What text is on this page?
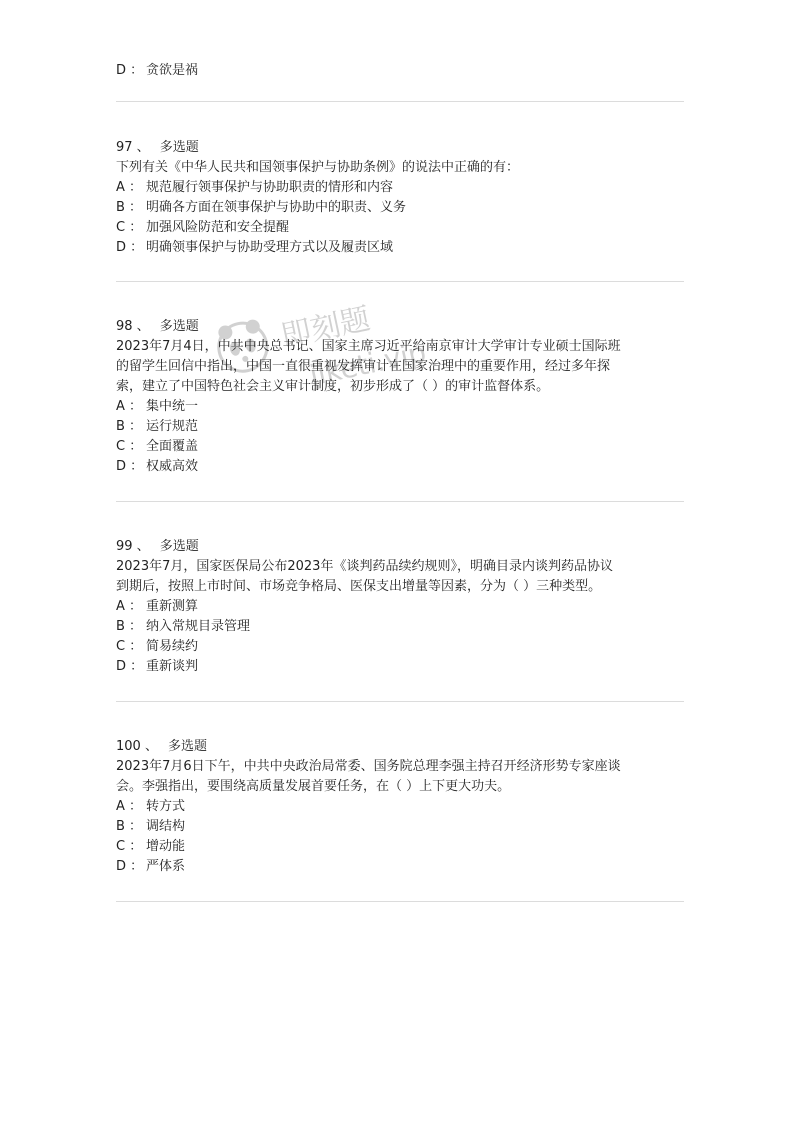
D ： 贪欲是祸
97 、 多选题
下列有关《中华人民共和国领事保护与协助条例》的说法中正确的有：
A ： 规范履行领事保护与协助职责的情形和内容
B ： 明确各方面在领事保护与协助中的职责、义务
C ： 加强风险防范和安全提醒
D ： 明确领事保护与协助受理方式以及履责区域
98 、 多选题
2023年7月4日，中共中央总书记、国家主席习近平给南京审计大学审计专业硕士国际班
的留学生回信中指出，中国一直很重视发挥审计在国家治理中的重要作用，经过多年探
索，建立了中国特色社会主义审计制度，初步形成了（ ）的审计监督体系。
A ： 集中统一
B ： 运行规范
C ： 全面覆盖
D ： 权威高效
99 、 多选题
2023年7月，国家医保局公布2023年《谈判药品续约规则》，明确目录内谈判药品协议
到期后，按照上市时间、市场竞争格局、医保支出增量等因素，分为（ ）三种类型。
A ： 重新测算
B ： 纳入常规目录管理
C ： 简易续约
D ： 重新谈判
100 、 多选题
2023年7月6日下午，中共中央政治局常委、国务院总理李强主持召开经济形势专家座谈
会。李强指出，要围绕高质量发展首要任务，在（ ）上下更大功夫。
A ： 转方式
B ： 调结构
C ： 增动能
D ： 严体系
即刻题
jiketi.vip
